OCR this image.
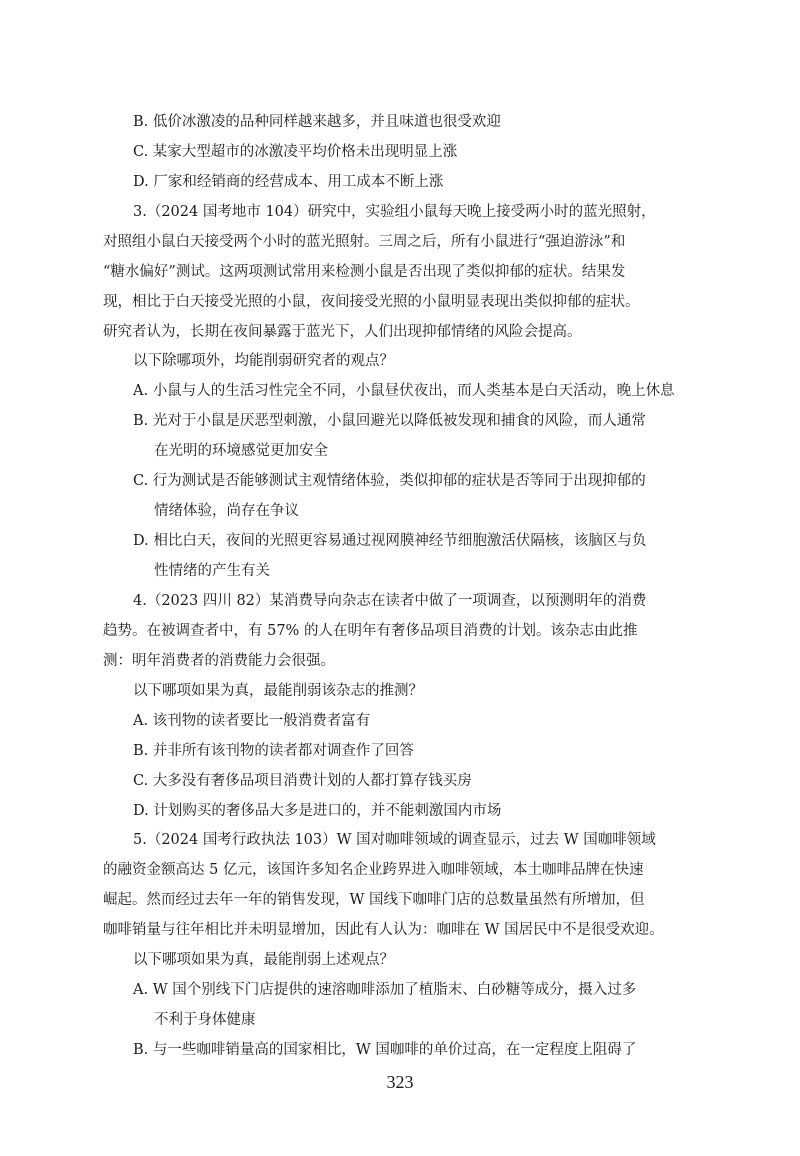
B. 低价冰激凌的品种同样越来越多，并且味道也很受欢迎
C. 某家大型超市的冰激凌平均价格未出现明显上涨
D. 厂家和经销商的经营成本、用工成本不断上涨
3.（2024 国考地市 104）研究中，实验组小鼠每天晚上接受两小时的蓝光照射，
对照组小鼠白天接受两个小时的蓝光照射。三周之后，所有小鼠进行“强迫游泳”和
“糖水偏好”测试。这两项测试常用来检测小鼠是否出现了类似抑郁的症状。结果发
现，相比于白天接受光照的小鼠，夜间接受光照的小鼠明显表现出类似抑郁的症状。
研究者认为，长期在夜间暴露于蓝光下，人们出现抑郁情绪的风险会提高。
以下除哪项外，均能削弱研究者的观点？
A. 小鼠与人的生活习性完全不同，小鼠昼伏夜出，而人类基本是白天活动，晚上休息
B. 光对于小鼠是厌恶型刺激，小鼠回避光以降低被发现和捕食的风险，而人通常
在光明的环境感觉更加安全
C. 行为测试是否能够测试主观情绪体验，类似抑郁的症状是否等同于出现抑郁的
情绪体验，尚存在争议
D. 相比白天，夜间的光照更容易通过视网膜神经节细胞激活伏隔核，该脑区与负
性情绪的产生有关
4.（2023 四川 82）某消费导向杂志在读者中做了一项调查，以预测明年的消费
趋势。在被调查者中，有 57% 的人在明年有奢侈品项目消费的计划。该杂志由此推
测：明年消费者的消费能力会很强。
以下哪项如果为真，最能削弱该杂志的推测？
A. 该刊物的读者要比一般消费者富有
B. 并非所有该刊物的读者都对调查作了回答
C. 大多没有奢侈品项目消费计划的人都打算存钱买房
D. 计划购买的奢侈品大多是进口的，并不能刺激国内市场
5.（2024 国考行政执法 103）W 国对咖啡领域的调查显示，过去 W 国咖啡领域
的融资金额高达 5 亿元，该国许多知名企业跨界进入咖啡领域，本土咖啡品牌在快速
崛起。然而经过去年一年的销售发现，W 国线下咖啡门店的总数量虽然有所增加，但
咖啡销量与往年相比并未明显增加，因此有人认为：咖啡在 W 国居民中不是很受欢迎。
以下哪项如果为真，最能削弱上述观点？
A. W 国个别线下门店提供的速溶咖啡添加了植脂末、白砂糖等成分，摄入过多
不利于身体健康
B. 与一些咖啡销量高的国家相比，W 国咖啡的单价过高，在一定程度上阻碍了
323
